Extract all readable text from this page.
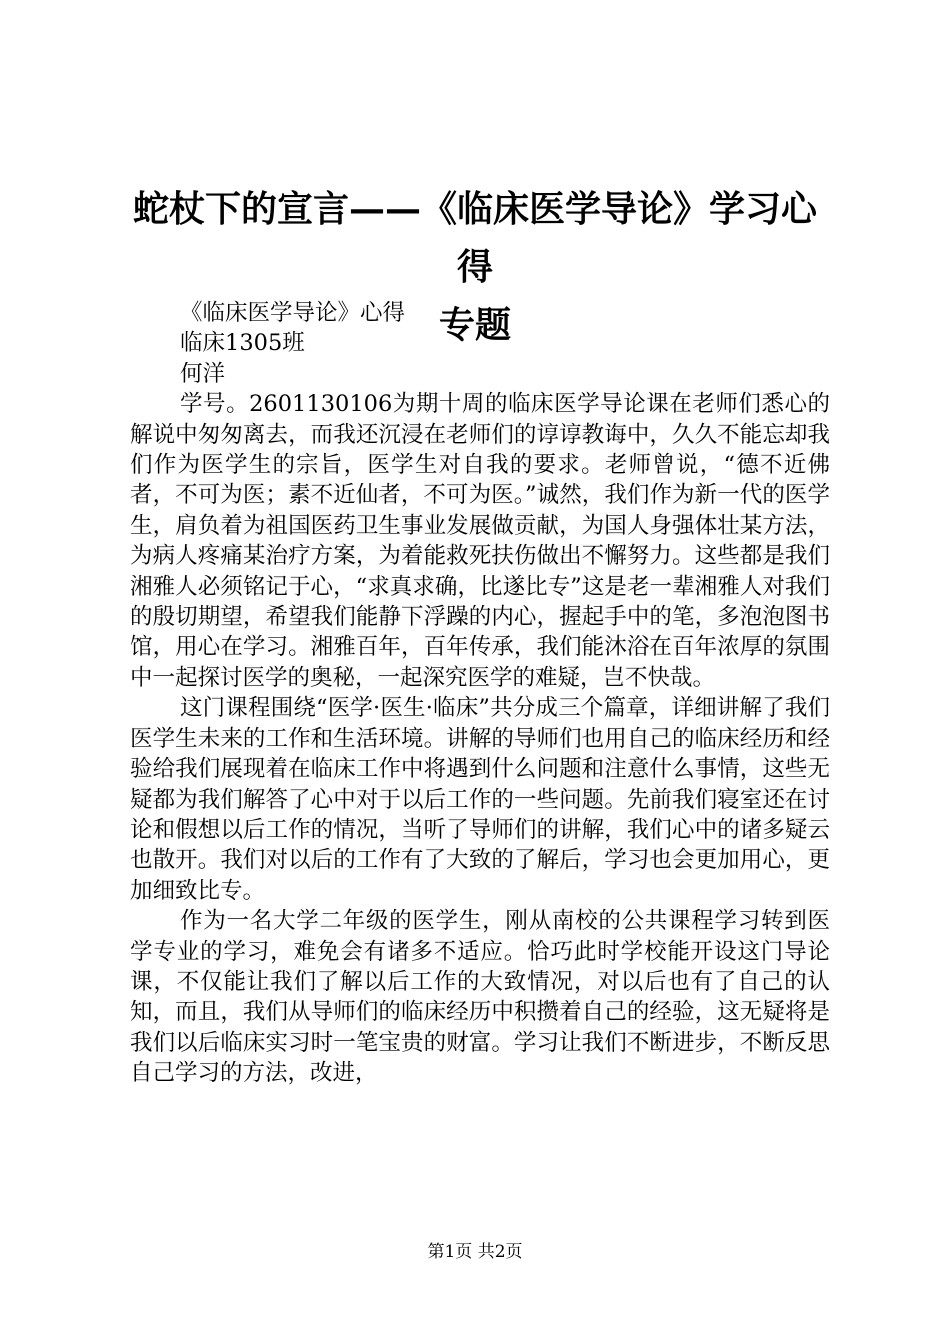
蛇杖下的宣言——《临床医学导论》学习心得
专题

《临床医学导论》心得

临床1305班

何洋

学号。2601130106为期十周的临床医学导论课在老师们悉心的解说中匆匆离去，而我还沉浸在老师们的谆谆教诲中，久久不能忘却我们作为医学生的宗旨，医学生对自我的要求。老师曾说，“德不近佛者，不可为医；素不近仙者，不可为医。”诚然，我们作为新一代的医学生，肩负着为祖国医药卫生事业发展做贡献，为国人身强体壮某方法，为病人疼痛某治疗方案，为着能救死扶伤做出不懈努力。这些都是我们湘雅人必须铭记于心，“求真求确，比遂比专”这是老一辈湘雅人对我们的殷切期望，希望我们能静下浮躁的内心，握起手中的笔，多泡泡图书馆，用心在学习。湘雅百年，百年传承，我们能沐浴在百年浓厚的氛围中一起探讨医学的奥秘，一起深究医学的难疑，岂不快哉。

这门课程围绕“医学·医生·临床”共分成三个篇章，详细讲解了我们医学生未来的工作和生活环境。讲解的导师们也用自己的临床经历和经验给我们展现着在临床工作中将遇到什么问题和注意什么事情，这些无疑都为我们解答了心中对于以后工作的一些问题。先前我们寝室还在讨论和假想以后工作的情况，当听了导师们的讲解，我们心中的诸多疑云也散开。我们对以后的工作有了大致的了解后，学习也会更加用心，更加细致比专。

作为一名大学二年级的医学生，刚从南校的公共课程学习转到医学专业的学习，难免会有诸多不适应。恰巧此时学校能开设这门导论课，不仅能让我们了解以后工作的大致情况，对以后也有了自己的认知，而且，我们从导师们的临床经历中积攒着自己的经验，这无疑将是我们以后临床实习时一笔宝贵的财富。学习让我们不断进步，不断反思自己学习的方法，改进，

第1页 共2页
